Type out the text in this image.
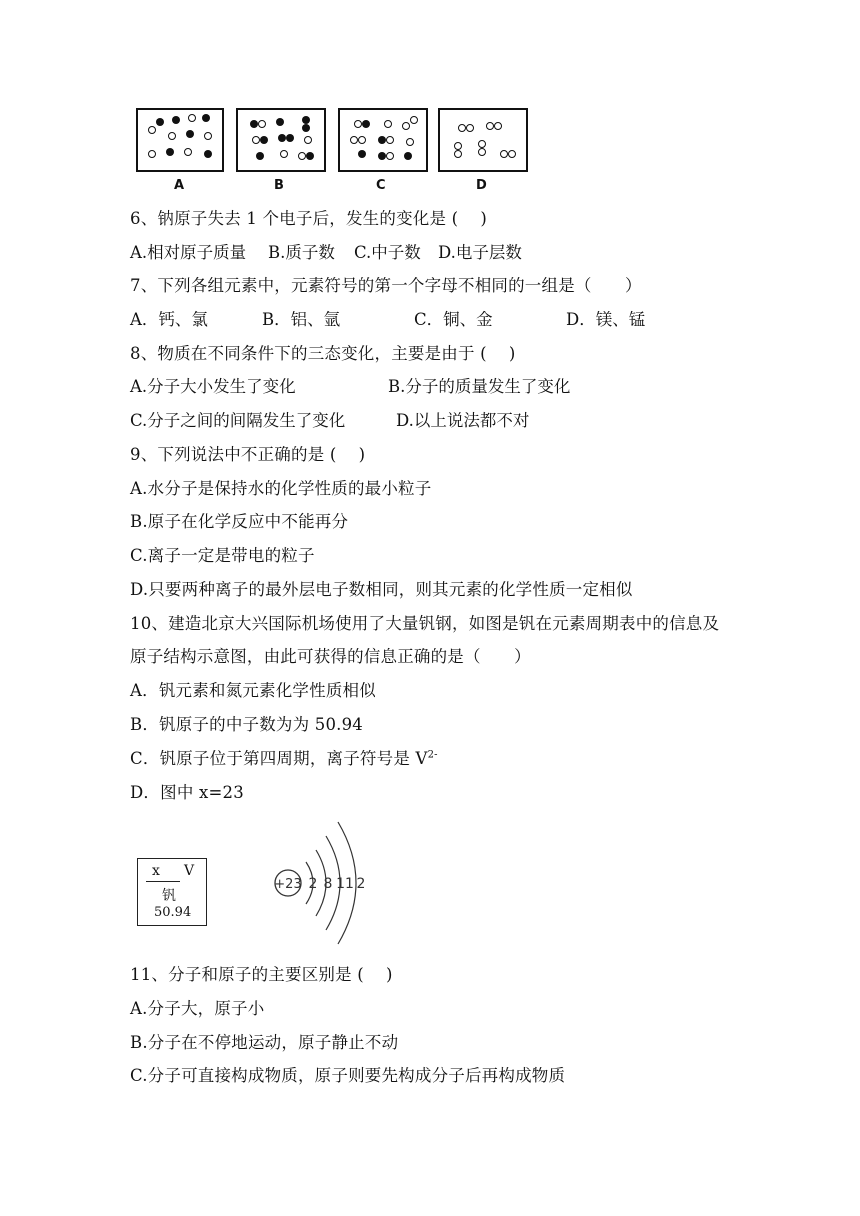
A	B	C	D
6、钠原子失去 1 个电子后，发生的变化是 (　 )
A.相对原子质量 B.质子数 C.中子数 D.电子层数
7、下列各组元素中，元素符号的第一个字母不相同的一组是（　　）
A．钙、氯	B．铝、氩	C．铜、金	D．镁、锰
8、物质在不同条件下的三态变化，主要是由于 (　 )
A.分子大小发生了变化	B.分子的质量发生了变化
C.分子之间的间隔发生了变化	D.以上说法都不对
9、下列说法中不正确的是 (　 )
A.水分子是保持水的化学性质的最小粒子
B.原子在化学反应中不能再分
C.离子一定是带电的粒子
D.只要两种离子的最外层电子数相同，则其元素的化学性质一定相似
10、建造北京大兴国际机场使用了大量钒钢，如图是钒在元素周期表中的信息及
原子结构示意图，由此可获得的信息正确的是（　　）
A．钒元素和氮元素化学性质相似
B．钒原子的中子数为为 50.94
C．钒原子位于第四周期，离子符号是 $V^{2-}$
D．图中 x=23
x V
钒
50.94
+23 2 8 11 2
11、分子和原子的主要区别是 (　 )
A.分子大，原子小
B.分子在不停地运动，原子静止不动
C.分子可直接构成物质，原子则要先构成分子后再构成物质
